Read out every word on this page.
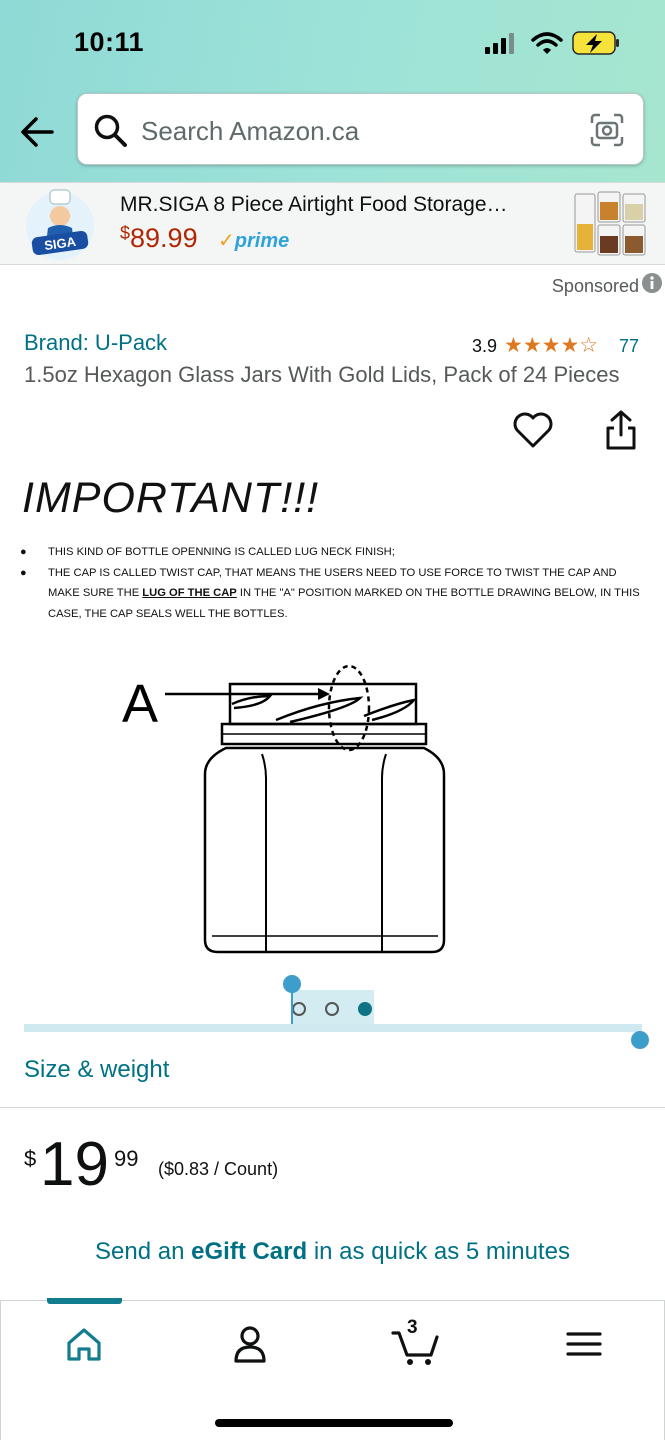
10:11
Search Amazon.ca
SIGA
MR.SIGA 8 Piece Airtight Food Storage…
$89.99 ✓prime
Sponsored
Brand: U-Pack	3.9 ★★★★☆ 77
1.5oz Hexagon Glass Jars With Gold Lids, Pack of 24 Pieces
IMPORTANT!!!
● THIS KIND OF BOTTLE OPENNING IS CALLED LUG NECK FINISH;
● THE CAP IS CALLED TWIST CAP, THAT MEANS THE USERS NEED TO USE FORCE TO TWIST THE CAP AND MAKE SURE THE LUG OF THE CAP IN THE "A" POSITION MARKED ON THE BOTTLE DRAWING BELOW, IN THIS CASE, THE CAP SEALS WELL THE BOTTLES.
A
Size & weight
$ 19 99 ($0.83 / Count)
Send an eGift Card in as quick as 5 minutes
3
